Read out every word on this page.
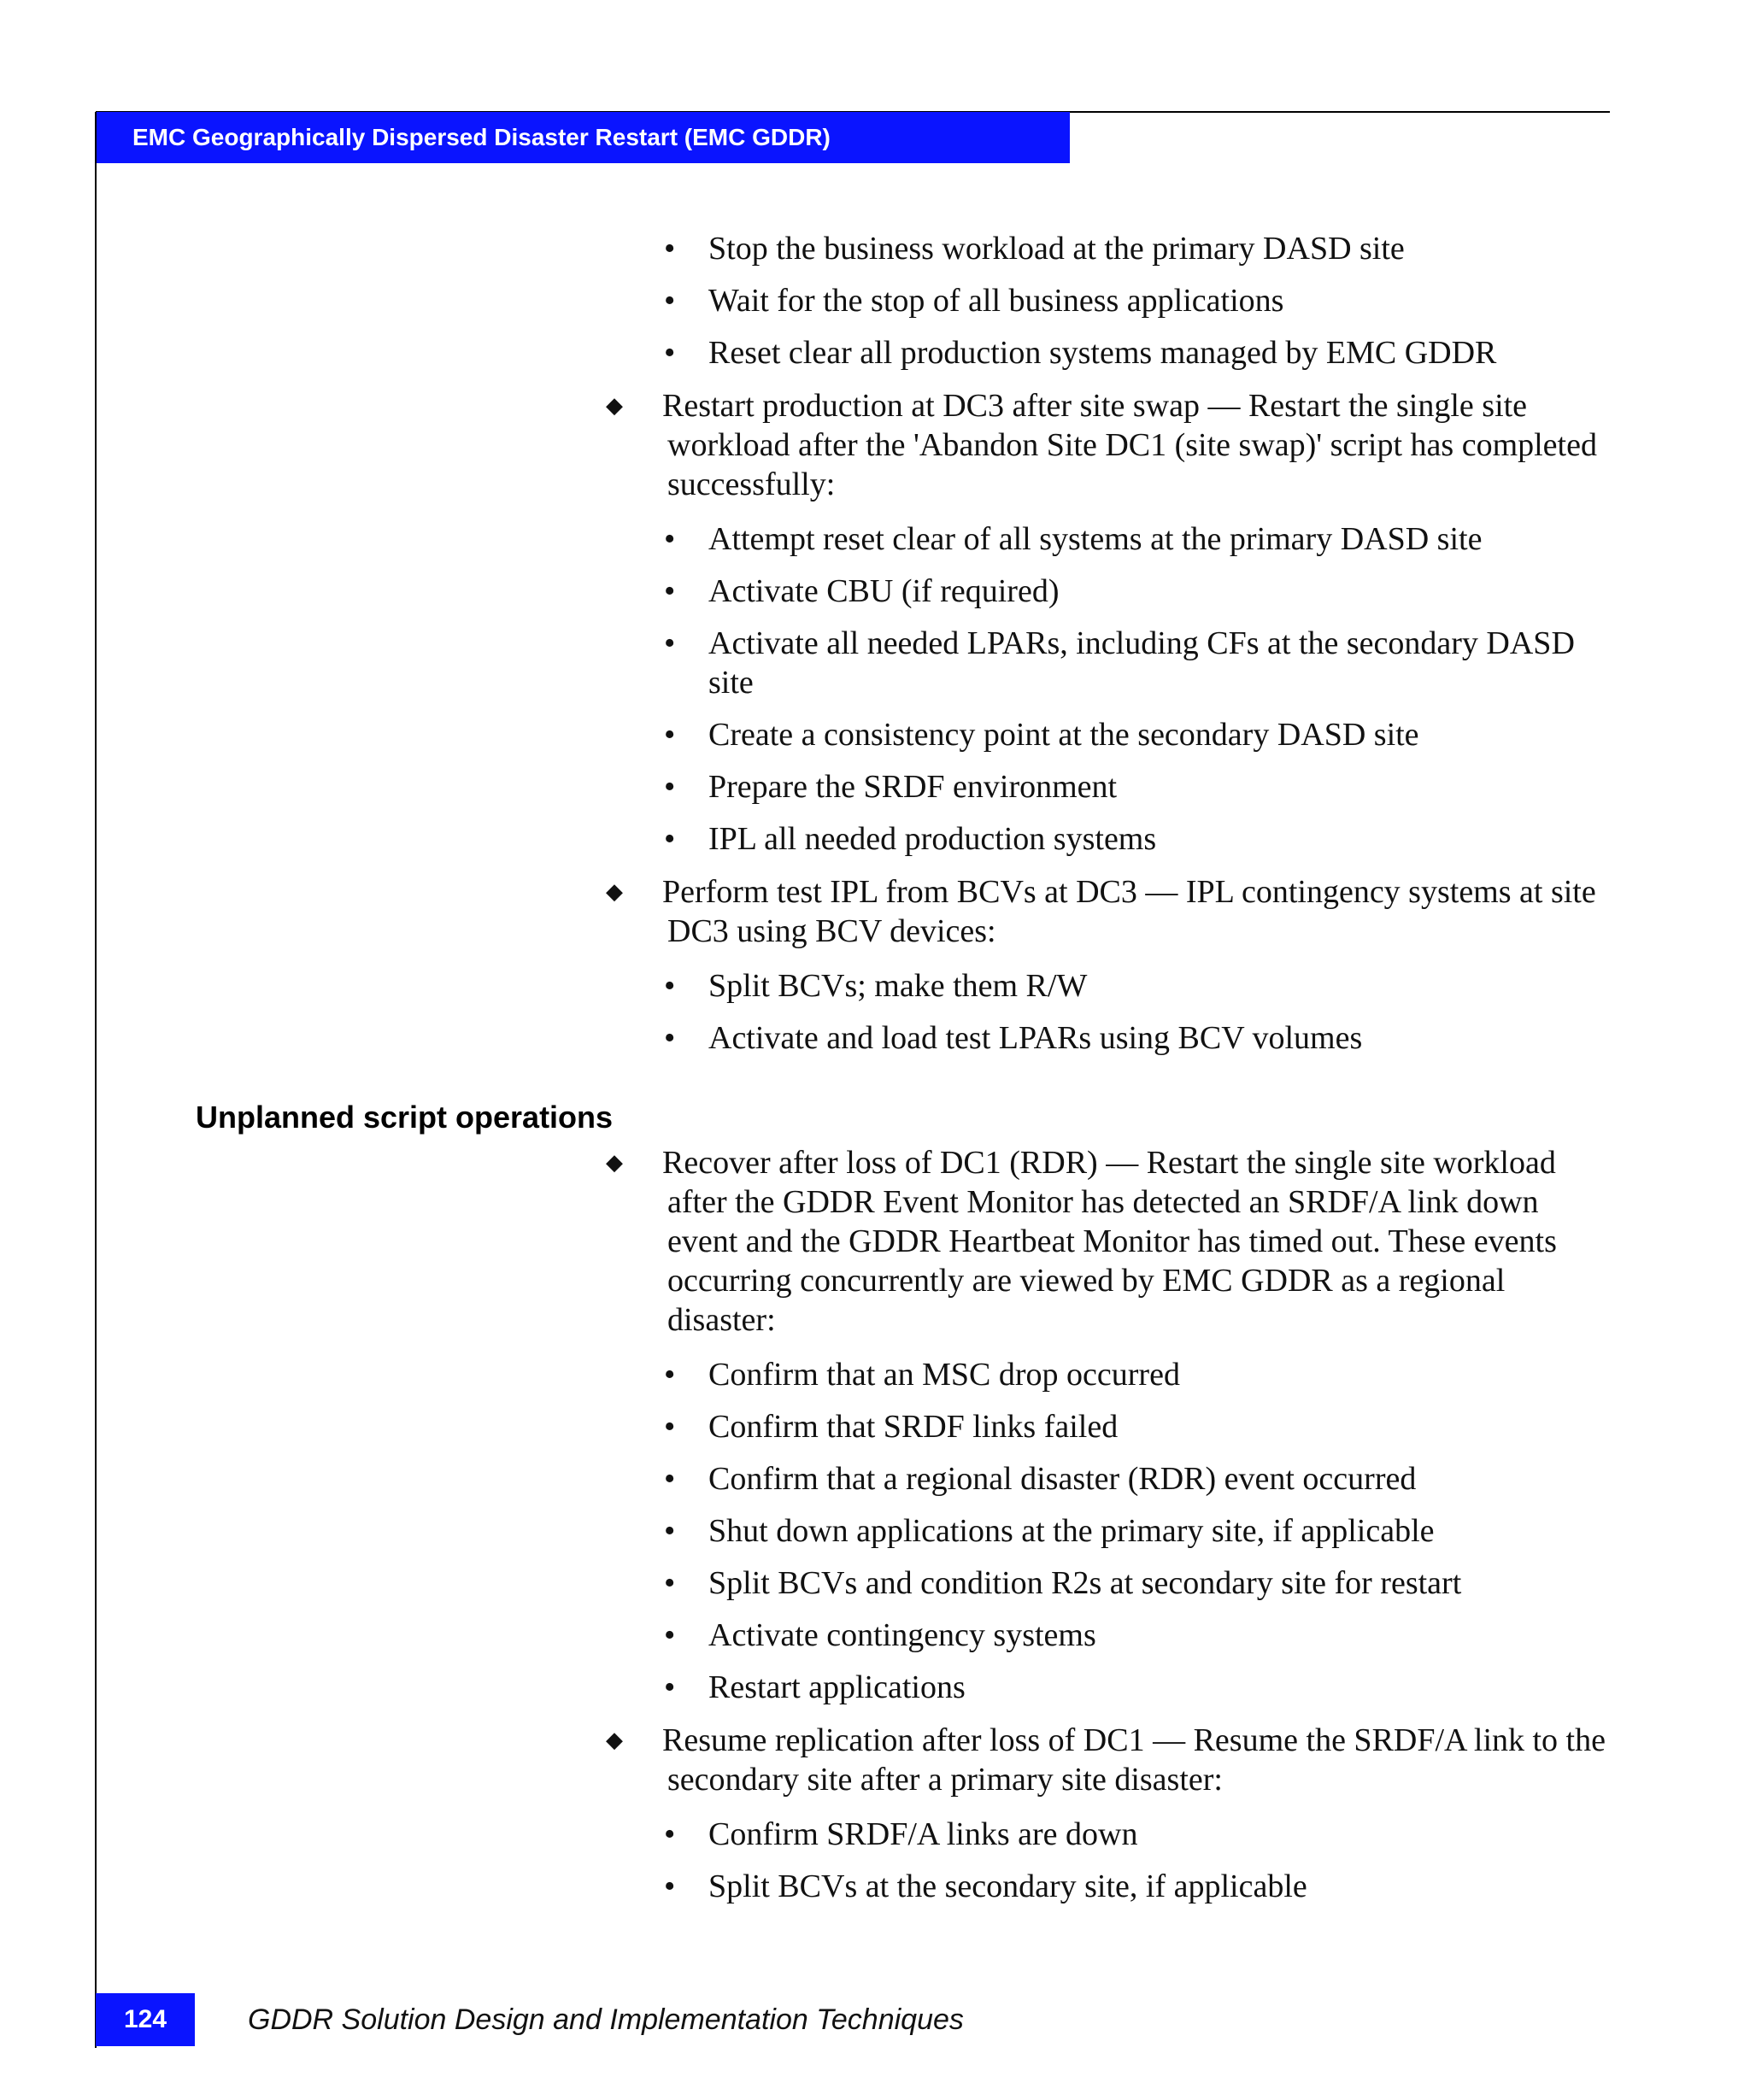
EMC Geographically Dispersed Disaster Restart (EMC GDDR)
• Stop the business workload at the primary DASD site
• Wait for the stop of all business applications
• Reset clear all production systems managed by EMC GDDR
◆ Restart production at DC3 after site swap — Restart the single site workload after the 'Abandon Site DC1 (site swap)' script has completed successfully:
• Attempt reset clear of all systems at the primary DASD site
• Activate CBU (if required)
• Activate all needed LPARs, including CFs at the secondary DASD site
• Create a consistency point at the secondary DASD site
• Prepare the SRDF environment
• IPL all needed production systems
◆ Perform test IPL from BCVs at DC3 — IPL contingency systems at site DC3 using BCV devices:
• Split BCVs; make them R/W
• Activate and load test LPARs using BCV volumes
Unplanned script operations
◆ Recover after loss of DC1 (RDR) — Restart the single site workload after the GDDR Event Monitor has detected an SRDF/A link down event and the GDDR Heartbeat Monitor has timed out. These events occurring concurrently are viewed by EMC GDDR as a regional disaster:
• Confirm that an MSC drop occurred
• Confirm that SRDF links failed
• Confirm that a regional disaster (RDR) event occurred
• Shut down applications at the primary site, if applicable
• Split BCVs and condition R2s at secondary site for restart
• Activate contingency systems
• Restart applications
◆ Resume replication after loss of DC1 — Resume the SRDF/A link to the secondary site after a primary site disaster:
• Confirm SRDF/A links are down
• Split BCVs at the secondary site, if applicable
124	GDDR Solution Design and Implementation Techniques
